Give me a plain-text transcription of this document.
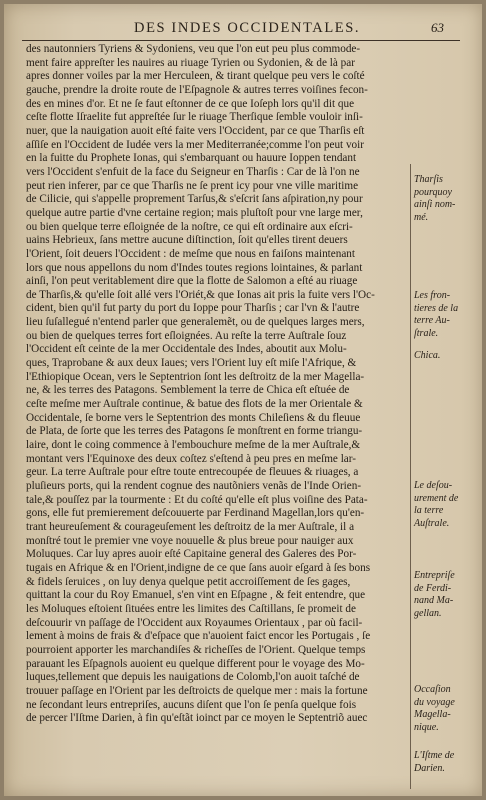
DES INDES OCCIDENTALES.	63
des nautonniers Tyriens & Sydoniens, veu que l'on eut peu plus commode-
ment faire appreſter les nauires au riuage Tyrien ou Sydonien, & de là par
apres donner voiles par la mer Herculeen, & tirant quelque peu vers le coſté
gauche, prendre la droite route de l'Eſpagnole & autres terres voiſines fecon-
des en mines d'or. Et ne ſe faut eſtonner de ce que Ioſeph lors qu'il dit que
ceſte flotte Iſraelite fut appreſtée ſur le riuage Therſique ſemble vouloir inſi-
nuer, que la nauigation auoit eſté faite vers l'Occident, par ce que Tharſis eſt
aſſiſe en l'Occident de Iudée vers la mer Mediterranée;comme l'on peut voir
en la fuitte du Prophete Ionas, qui s'embarquant ou hauure Ioppen tendant
vers l'Occident s'enfuit de la face du Seigneur en Tharſis : Car de là l'on ne
peut rien inferer, par ce que Tharſis ne ſe prent icy pour vne ville maritime
de Cilicie, qui s'appelle proprement Tarſus,& s'eſcrit ſans aſpiration,ny pour
quelque autre partie d'vne certaine region; mais pluſtoſt pour vne large mer,
ou bien quelque terre eſloignée de la noſtre, ce qui eſt ordinaire aux eſcri-
uains Hebrieux, ſans mettre aucune diſtinction, ſoit qu'elles tirent deuers
l'Orient, ſoit deuers l'Occident : de meſme que nous en faiſons maintenant
lors que nous appellons du nom d'Indes toutes regions lointaines, & parlant
ainſi, l'on peut veritablement dire que la flotte de Salomon a eſté au riuage
de Tharſis,& qu'elle ſoit allé vers l'Oriét,& que Ionas ait pris la fuite vers l'Oc-
cident, bien qu'il fut party du port du Ioppe pour Tharſis ; car l'vn & l'autre
lieu ſuſallegué n'entend parler que generalemẽt, ou de quelques larges mers,
ou bien de quelques terres fort eſloignées. Au reſte la terre Auſtrale ſouz
l'Occident eſt ceinte de la mer Occidentale des Indes, aboutit aux Molu-
ques, Traprobane & aux deux Iaues; vers l'Orient luy eſt miſe l'Afrique, &
l'Ethiopique Ocean, vers le Septentrion ſont les deſtroitz de la mer Magella-
ne, & les terres des Patagons. Semblement la terre de Chica eſt eſtuée de
ceſte meſme mer Auſtrale continue, & batue des flots de la mer Orientale &
Occidentale, ſe borne vers le Septentrion des monts Chileſiens & du fleuue
de Plata, de ſorte que les terres des Patagons ſe monſtrent en forme triangu-
laire, dont le coing commence à l'embouchure meſme de la mer Auſtrale,&
montant vers l'Equinoxe des deux coſtez s'eſtend à peu pres en meſme lar-
geur. La terre Auſtrale pour eſtre toute entrecoupée de fleuues & riuages, a
pluſieurs ports, qui la rendent cognue des nautõniers venãs de l'Inde Orien-
tale,& pouſſez par la tourmente : Et du coſté qu'elle eſt plus voiſine des Pata-
gons, elle fut premierement deſcouuerte par Ferdinand Magellan,lors qu'en-
trant heureuſement & courageuſement les deſtroitz de la mer Auſtrale, il a
monſtré tout le premier vne voye nouuelle & plus breue pour nauiger aux
Moluques. Car luy apres auoir eſté Capitaine general des Galeres des Por-
tugais en Afrique & en l'Orient,indigne de ce que ſans auoir eſgard à ſes bons
& fidels ſeruices , on luy denya quelque petit accroiſſement de ſes gages,
quittant la cour du Roy Emanuel, s'en vint en Eſpagne , & feit entendre, que
les Moluques eſtoient ſituées entre les limites des Caſtillans, ſe promeit de
deſcouurir vn paſſage de l'Occident aux Royaumes Orientaux , par où facil-
lement à moins de frais & d'eſpace que n'auoient faict encor les Portugais , ſe
pourroient apporter les marchandiſes & richeſſes de l'Orient. Quelque temps
parauant les Eſpagnols auoient eu quelque different pour le voyage des Mo-
luques,tellement que depuis les nauigations de Colomb,l'on auoit taſché de
trouuer paſſage en l'Orient par les deſtroicts de quelque mer : mais la fortune
ne ſecondant leurs entrepriſes, aucuns diſent que l'on ſe penſa quelque fois
de percer l'Iſtme Darien, à fin qu'eſtãt ioinct par ce moyen le Septentriõ auec
Tharſis
pourquoy
ainſi nom-
mé.
Les fron-
tieres de la
terre Au-
ſtrale.
Chica.
Le deſou-
urement de
la terre
Auſtrale.
Entrepriſe
de Ferdi-
nand Ma-
gellan.
Occaſion
du voyage
Magella-
nique.
L'Iſtme de
Darien.
